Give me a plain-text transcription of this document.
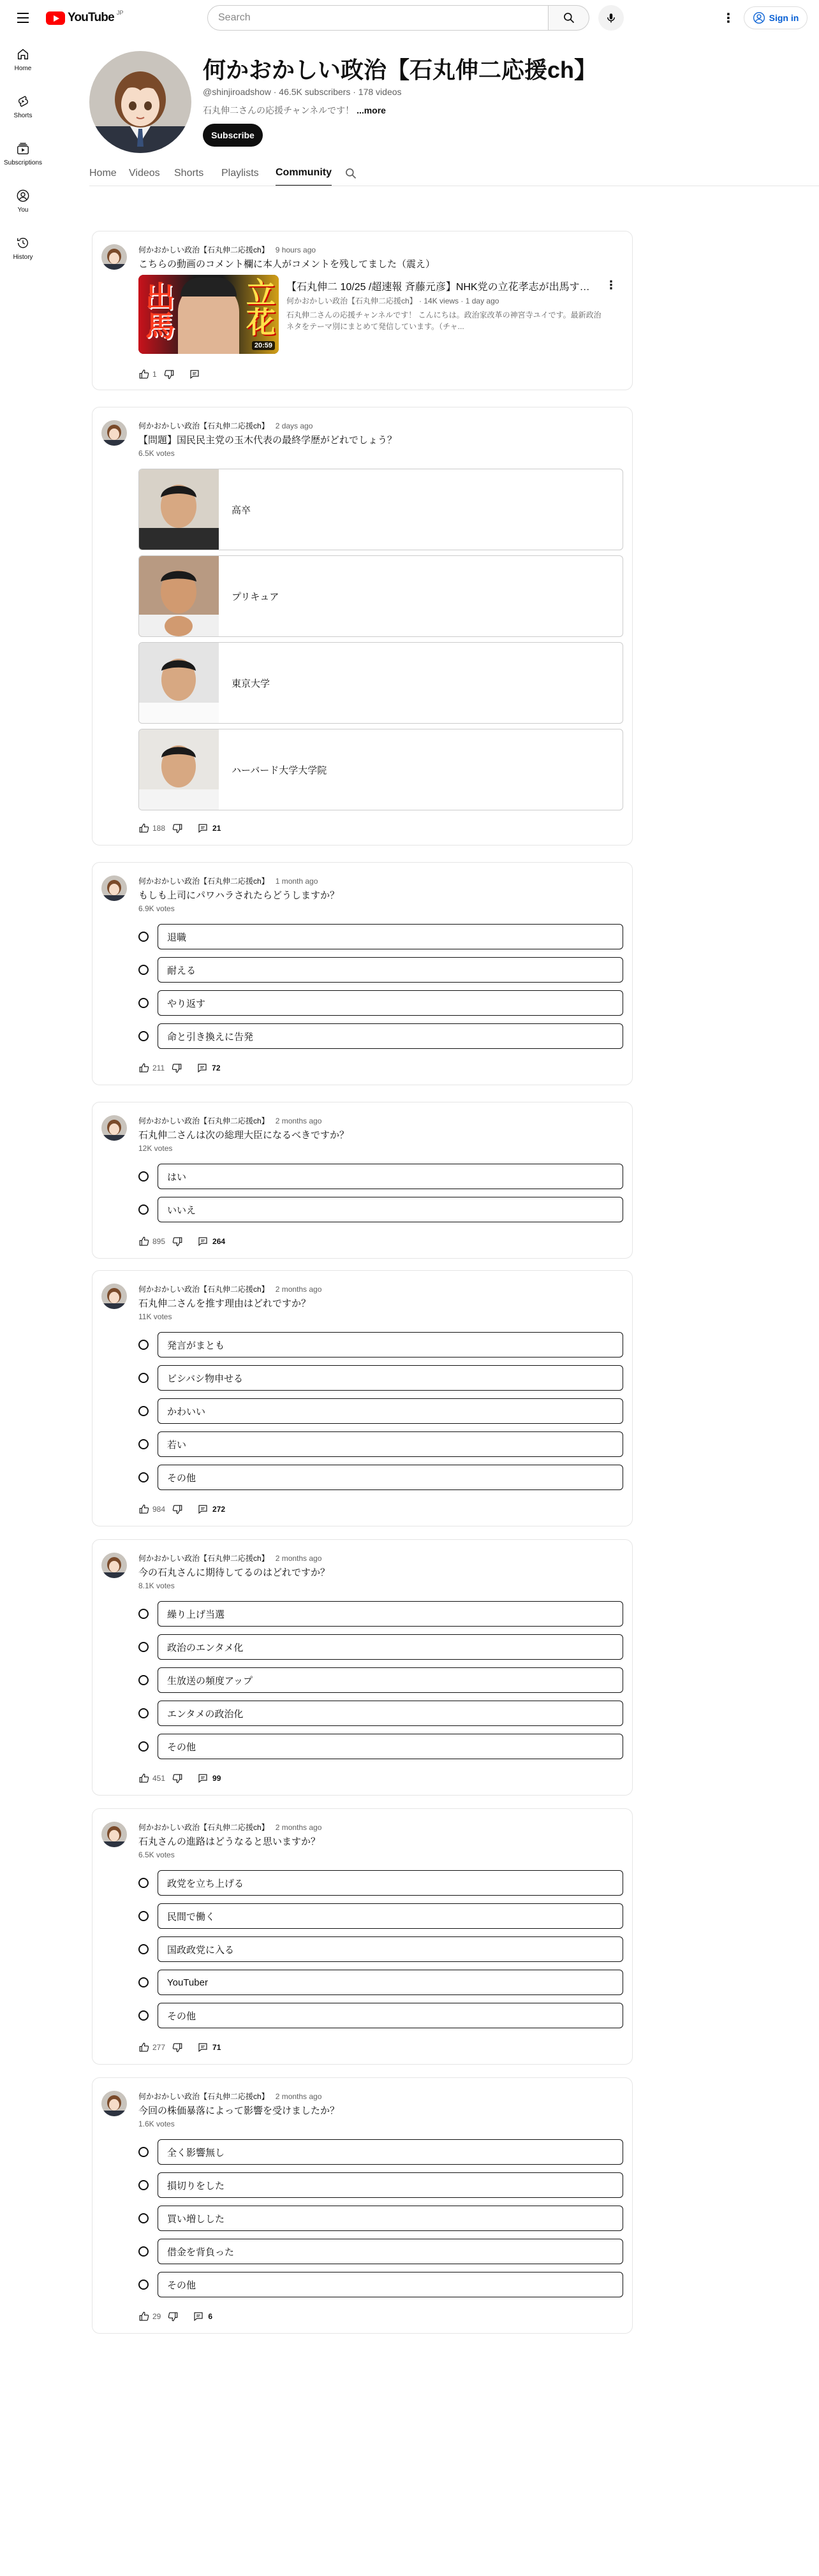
YouTube JP	Search	⋮	Sign in
Home
Shorts
Subscriptions
You
History
何かおかしい政治【石丸伸二応援ch】
@shinjiroadshow · 46.5K subscribers · 178 videos
石丸伸二さんの応援チャンネルです！ ...more
Subscribe
Home	Videos	Shorts	Playlists	Community
何かおかしい政治【石丸伸二応援ch】 9 hours ago
こちらの動画のコメント欄に本人がコメントを残してました（震え）
出馬 立花
20:59
【石丸伸二 10/25 /超速報 斉藤元彦】NHK党の立花孝志が出馬す…	⋮
何かおかしい政治【石丸伸二応援ch】 · 14K views · 1 day ago
石丸伸二さんの応援チャンネルです！ こんにちは。政治家改革の神宮寺ユイです。最新政治ネタをテーマ別にまとめて発信しています。（チャ...
1
何かおかしい政治【石丸伸二応援ch】 2 days ago
【問題】国民民主党の玉木代表の最終学歴がどれでしょう？
6.5K votes
高卒
プリキュア
東京大学
ハーバード大学大学院
188	21
何かおかしい政治【石丸伸二応援ch】 1 month ago
もしも上司にパワハラされたらどうしますか？
6.9K votes
退職
耐える
やり返す
命と引き換えに告発
211	72
何かおかしい政治【石丸伸二応援ch】 2 months ago
石丸伸二さんは次の総理大臣になるべきですか？
12K votes
はい
いいえ
895	264
何かおかしい政治【石丸伸二応援ch】 2 months ago
石丸伸二さんを推す理由はどれですか？
11K votes
発言がまとも
ビシバシ物申せる
かわいい
若い
その他
984	272
何かおかしい政治【石丸伸二応援ch】 2 months ago
今の石丸さんに期待してるのはどれですか？
8.1K votes
繰り上げ当選
政治のエンタメ化
生放送の頻度アップ
エンタメの政治化
その他
451	99
何かおかしい政治【石丸伸二応援ch】 2 months ago
石丸さんの進路はどうなると思いますか？
6.5K votes
政党を立ち上げる
民間で働く
国政政党に入る
YouTuber
その他
277	71
何かおかしい政治【石丸伸二応援ch】 2 months ago
今回の株価暴落によって影響を受けましたか？
1.6K votes
全く影響無し
損切りをした
買い増しした
借金を背負った
その他
29	6
